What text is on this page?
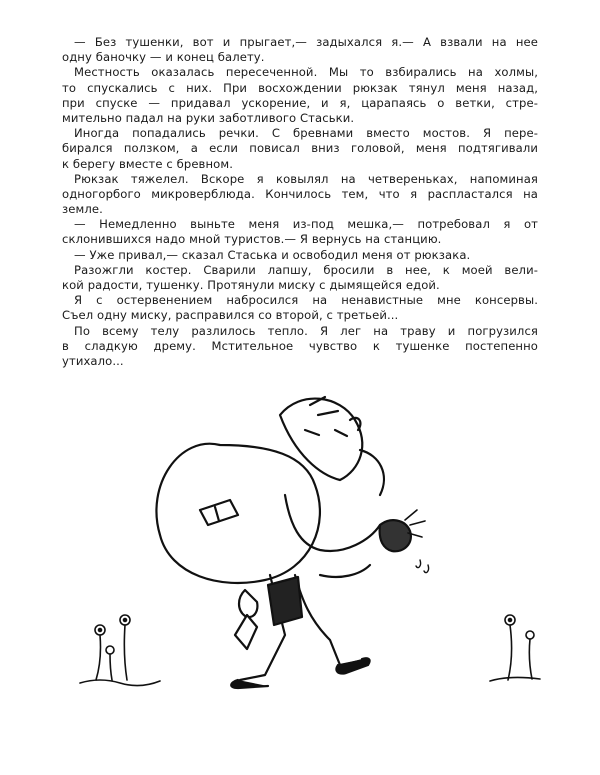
— Без тушенки, вот и прыгает,— задыхался я.— А взвали на нее
одну баночку — и конец балету.
Местность оказалась пересеченной. Мы то взбирались на холмы,
то спускались с них. При восхождении рюкзак тянул меня назад,
при спуске — придавал ускорение, и я, царапаясь о ветки, стре-
мительно падал на руки заботливого Стаськи.
Иногда попадались речки. С бревнами вместо мостов. Я пере-
бирался ползком, а если повисал вниз головой, меня подтягивали
к берегу вместе с бревном.
Рюкзак тяжелел. Вскоре я ковылял на четвереньках, напоминая
одногорбого микроверблюда. Кончилось тем, что я распластался на
земле.
— Немедленно выньте меня из-под мешка,— потребовал я от
склонившихся надо мной туристов.— Я вернусь на станцию.
— Уже привал,— сказал Стаська и освободил меня от рюкзака.
Разожгли костер. Сварили лапшу, бросили в нее, к моей вели-
кой радости, тушенку. Протянули миску с дымящейся едой.
Я с остервенением набросился на ненавистные мне консервы.
Съел одну миску, расправился со второй, с третьей...
По всему телу разлилось тепло. Я лег на траву и погрузился
в сладкую дрему. Мстительное чувство к тушенке постепенно
утихало...
